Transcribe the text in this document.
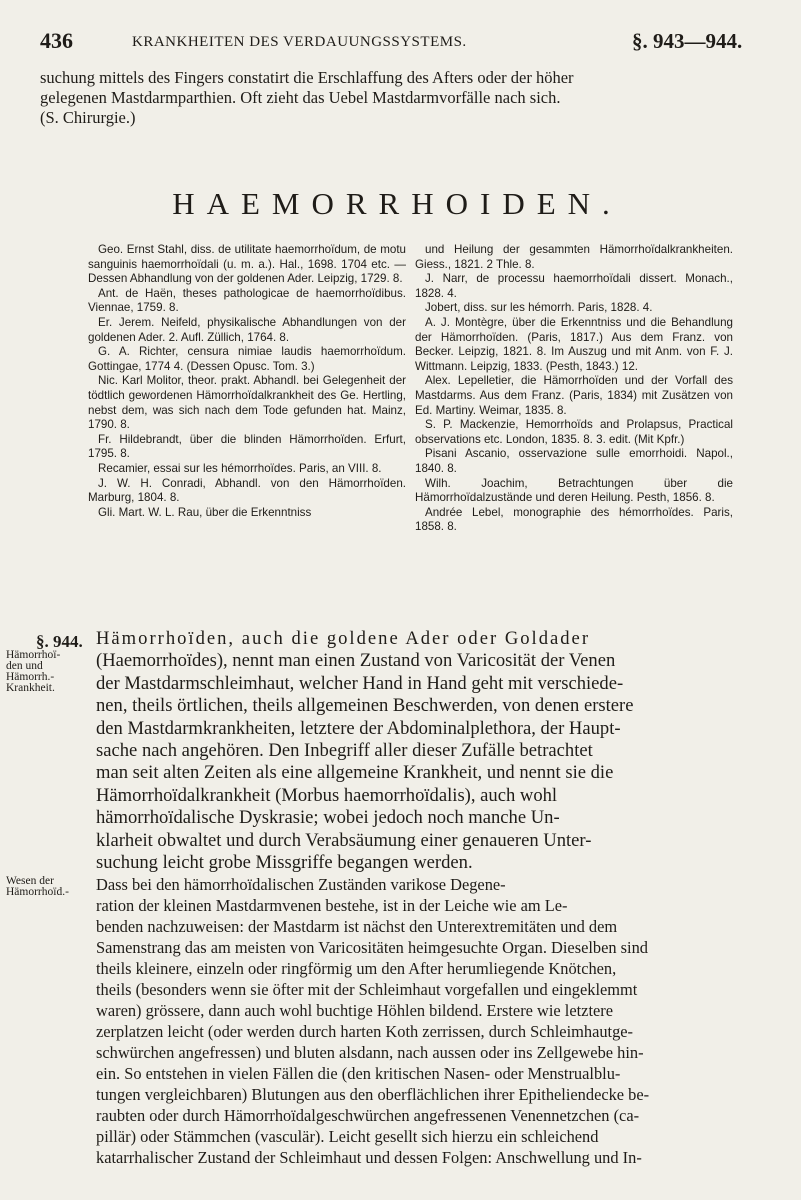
436	KRANKHEITEN DES VERDAUUNGSSYSTEMS.	§. 943—944.
suchung mittels des Fingers constatirt die Erschlaffung des Afters oder der höher
gelegenen Mastdarmparthien. Oft zieht das Uebel Mastdarmvorfälle nach sich.
(S. Chirurgie.)
HAEMORRHOIDEN.

Geo. Ernst Stahl, diss. de utilitate haemorrhoïdum, de motu sanguinis haemorrhoïdali (u. m. a.). Hal., 1698. 1704 etc. — Dessen Abhandlung von der goldenen Ader. Leipzig, 1729. 8.

Ant. de Haën, theses pathologicae de haemorrhoïdibus. Viennae, 1759. 8.

Er. Jerem. Neifeld, physikalische Abhandlungen von der goldenen Ader. 2. Aufl. Züllich, 1764. 8.

G. A. Richter, censura nimiae laudis haemorrhoïdum. Gottingae, 1774 4. (Dessen Opusc. Tom. 3.)

Nic. Karl Molitor, theor. prakt. Abhandl. bei Gelegenheit der tödtlich gewordenen Hämorrhoïdalkrankheit des Ge. Hertling, nebst dem, was sich nach dem Tode gefunden hat. Mainz, 1790. 8.

Fr. Hildebrandt, über die blinden Hämorrhoïden. Erfurt, 1795. 8.

Recamier, essai sur les hémorrhoïdes. Paris, an VIII. 8.

J. W. H. Conradi, Abhandl. von den Hämorrhoïden. Marburg, 1804. 8.

Gli. Mart. W. L. Rau, über die Erkenntniss

und Heilung der gesammten Hämorrhoïdalkrankheiten. Giess., 1821. 2 Thle. 8.

J. Narr, de processu haemorrhoïdali dissert. Monach., 1828. 4.

Jobert, diss. sur les hémorrh. Paris, 1828. 4.

A. J. Montègre, über die Erkenntniss und die Behandlung der Hämorrhoïden. (Paris, 1817.) Aus dem Franz. von Becker. Leipzig, 1821. 8. Im Auszug und mit Anm. von F. J. Wittmann. Leipzig, 1833. (Pesth, 1843.) 12.

Alex. Lepelletier, die Hämorrhoïden und der Vorfall des Mastdarms. Aus dem Franz. (Paris, 1834) mit Zusätzen von Ed. Martiny. Weimar, 1835. 8.

S. P. Mackenzie, Hemorrhoïds and Prolapsus, Practical observations etc. London, 1835. 8. 3. edit. (Mit Kpfr.)

Pisani Ascanio, osservazione sulle emorrhoidi. Napol., 1840. 8.

Wilh. Joachim, Betrachtungen über die Hämorrhoïdalzustände und deren Heilung. Pesth, 1856. 8.

Andrée Lebel, monographie des hémorrhoïdes. Paris, 1858. 8.

§. 944.
Hämorrhoï-
den und
Hämorrh.-
Krankheit.
Wesen der
Hämorrhoïd.-
Hämorrhoïden, auch die goldene Ader oder Goldader
(Haemorrhoïdes), nennt man einen Zustand von Varicosität der Venen
der Mastdarmschleimhaut, welcher Hand in Hand geht mit verschiede-
nen, theils örtlichen, theils allgemeinen Beschwerden, von denen erstere
den Mastdarmkrankheiten, letztere der Abdominalplethora, der Haupt-
sache nach angehören. Den Inbegriff aller dieser Zufälle betrachtet
man seit alten Zeiten als eine allgemeine Krankheit, und nennt sie die
Hämorrhoïdalkrankheit (Morbus haemorrhoïdalis), auch wohl
hämorrhoïdalische Dyskrasie; wobei jedoch noch manche Un-
klarheit obwaltet und durch Verabsäumung einer genaueren Unter-
suchung leicht grobe Missgriffe begangen werden.
Dass bei den hämorrhoïdalischen Zuständen varikose Degene-
ration der kleinen Mastdarmvenen bestehe, ist in der Leiche wie am Le-
benden nachzuweisen: der Mastdarm ist nächst den Unterextremitäten und dem
Samenstrang das am meisten von Varicositäten heimgesuchte Organ. Dieselben sind
theils kleinere, einzeln oder ringförmig um den After herumliegende Knötchen,
theils (besonders wenn sie öfter mit der Schleimhaut vorgefallen und eingeklemmt
waren) grössere, dann auch wohl buchtige Höhlen bildend. Erstere wie letztere
zerplatzen leicht (oder werden durch harten Koth zerrissen, durch Schleimhautge-
schwürchen angefressen) und bluten alsdann, nach aussen oder ins Zellgewebe hin-
ein. So entstehen in vielen Fällen die (den kritischen Nasen- oder Menstrualblu-
tungen vergleichbaren) Blutungen aus den oberflächlichen ihrer Epitheliendecke be-
raubten oder durch Hämorrhoïdalgeschwürchen angefressenen Venennetzchen (ca-
pillär) oder Stämmchen (vasculär). Leicht gesellt sich hierzu ein schleichend
katarrhalischer Zustand der Schleimhaut und dessen Folgen: Anschwellung und In-
